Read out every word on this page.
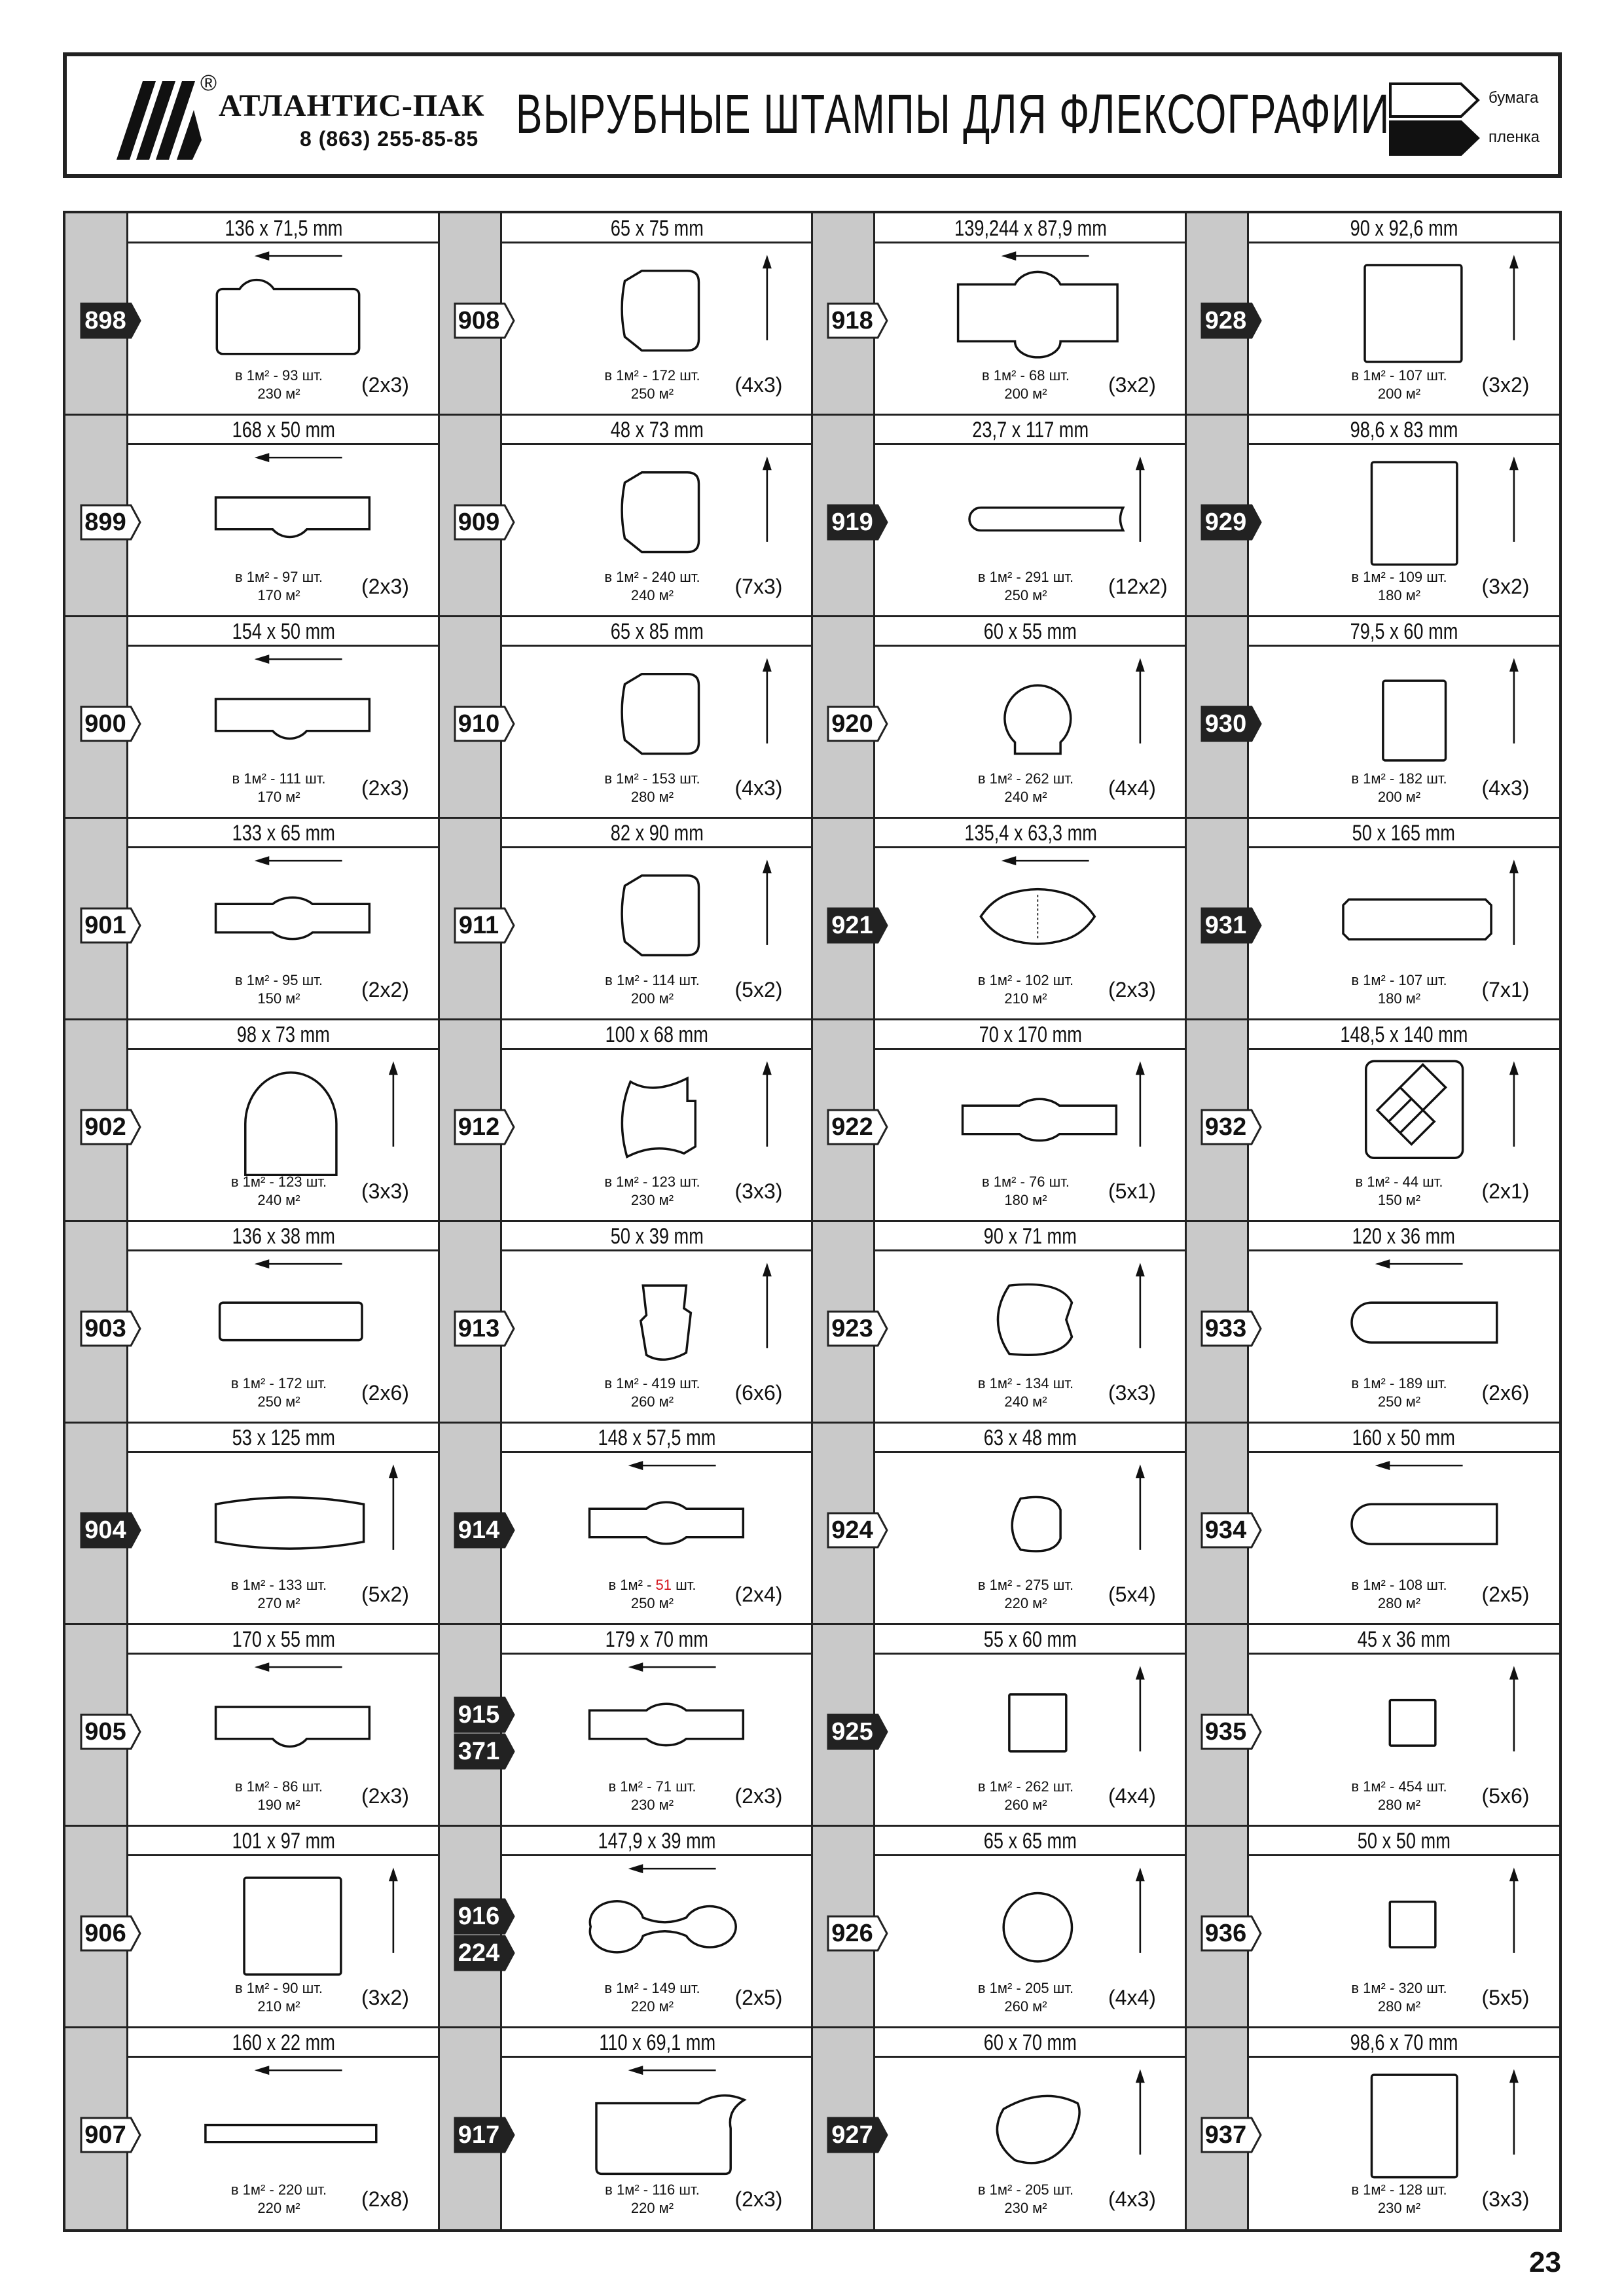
®
АТЛАНТИС-ПАК
8 (863) 255-85-85 ВЫРУБНЫЕ ШТАМПЫ ДЛЯ ФЛЕКСОГРАФИИ	бумага
пленка
136 x 71,5 mm
898
в 1м² - 93 шт.
230 м²	(2x3)
168 x 50 mm
899
в 1м² - 97 шт.
170 м²	(2x3)
154 x 50 mm
900
в 1м² - 111 шт.
170 м²	(2x3)
133 x 65 mm
901
в 1м² - 95 шт.
150 м²	(2x2)
98 x 73 mm
902
в 1м² - 123 шт.
240 м²	(3x3)
136 x 38 mm
903
в 1м² - 172 шт.
250 м²	(2x6)
53 x 125 mm
904
в 1м² - 133 шт.
270 м²	(5x2)
170 x 55 mm
905
в 1м² - 86 шт.
190 м²	(2x3)
101 x 97 mm
906
в 1м² - 90 шт.
210 м²	(3x2)
160 x 22 mm
907
в 1м² - 220 шт.
220 м²	(2x8)
65 x 75 mm
908
в 1м² - 172 шт.
250 м²	(4x3)
48 x 73 mm
909
в 1м² - 240 шт.
240 м²	(7x3)
65 x 85 mm
910
в 1м² - 153 шт.
280 м²	(4x3)
82 x 90 mm
911
в 1м² - 114 шт.
200 м²	(5x2)
100 x 68 mm
912
в 1м² - 123 шт.
230 м²	(3x3)
50 x 39 mm
913
в 1м² - 419 шт.
260 м²	(6x6)
148 x 57,5 mm
914
в 1м² - 51 шт.
250 м²	(2x4)
179 x 70 mm
915
371
в 1м² - 71 шт.
230 м²	(2x3)
147,9 x 39 mm
916
224
в 1м² - 149 шт.
220 м²	(2x5)
110 x 69,1 mm
917
в 1м² - 116 шт.
220 м²	(2x3)
139,244 x 87,9 mm
918
в 1м² - 68 шт.
200 м²	(3x2)
23,7 x 117 mm
919
в 1м² - 291 шт.
250 м²	(12x2)
60 x 55 mm
920
в 1м² - 262 шт.
240 м²	(4x4)
135,4 x 63,3 mm
921
в 1м² - 102 шт.
210 м²	(2x3)
70 x 170 mm
922
в 1м² - 76 шт.
180 м²	(5x1)
90 x 71 mm
923
в 1м² - 134 шт.
240 м²	(3x3)
63 x 48 mm
924
в 1м² - 275 шт.
220 м²	(5x4)
55 x 60 mm
925
в 1м² - 262 шт.
260 м²	(4x4)
65 x 65 mm
926
в 1м² - 205 шт.
260 м²	(4x4)
60 x 70 mm
927
в 1м² - 205 шт.
230 м²	(4x3)
90 x 92,6 mm
928
в 1м² - 107 шт.
200 м²	(3x2)
98,6 x 83 mm
929
в 1м² - 109 шт.
180 м²	(3x2)
79,5 x 60 mm
930
в 1м² - 182 шт.
200 м²	(4x3)
50 x 165 mm
931
в 1м² - 107 шт.
180 м²	(7x1)
148,5 x 140 mm
932
в 1м² - 44 шт.
150 м²	(2x1)
120 x 36 mm
933
в 1м² - 189 шт.
250 м²	(2x6)
160 x 50 mm
934
в 1м² - 108 шт.
280 м²	(2x5)
45 x 36 mm
935
в 1м² - 454 шт.
280 м²	(5x6)
50 x 50 mm
936
в 1м² - 320 шт.
280 м²	(5x5)
98,6 x 70 mm
937
в 1м² - 128 шт.
230 м²	(3x3)
23
